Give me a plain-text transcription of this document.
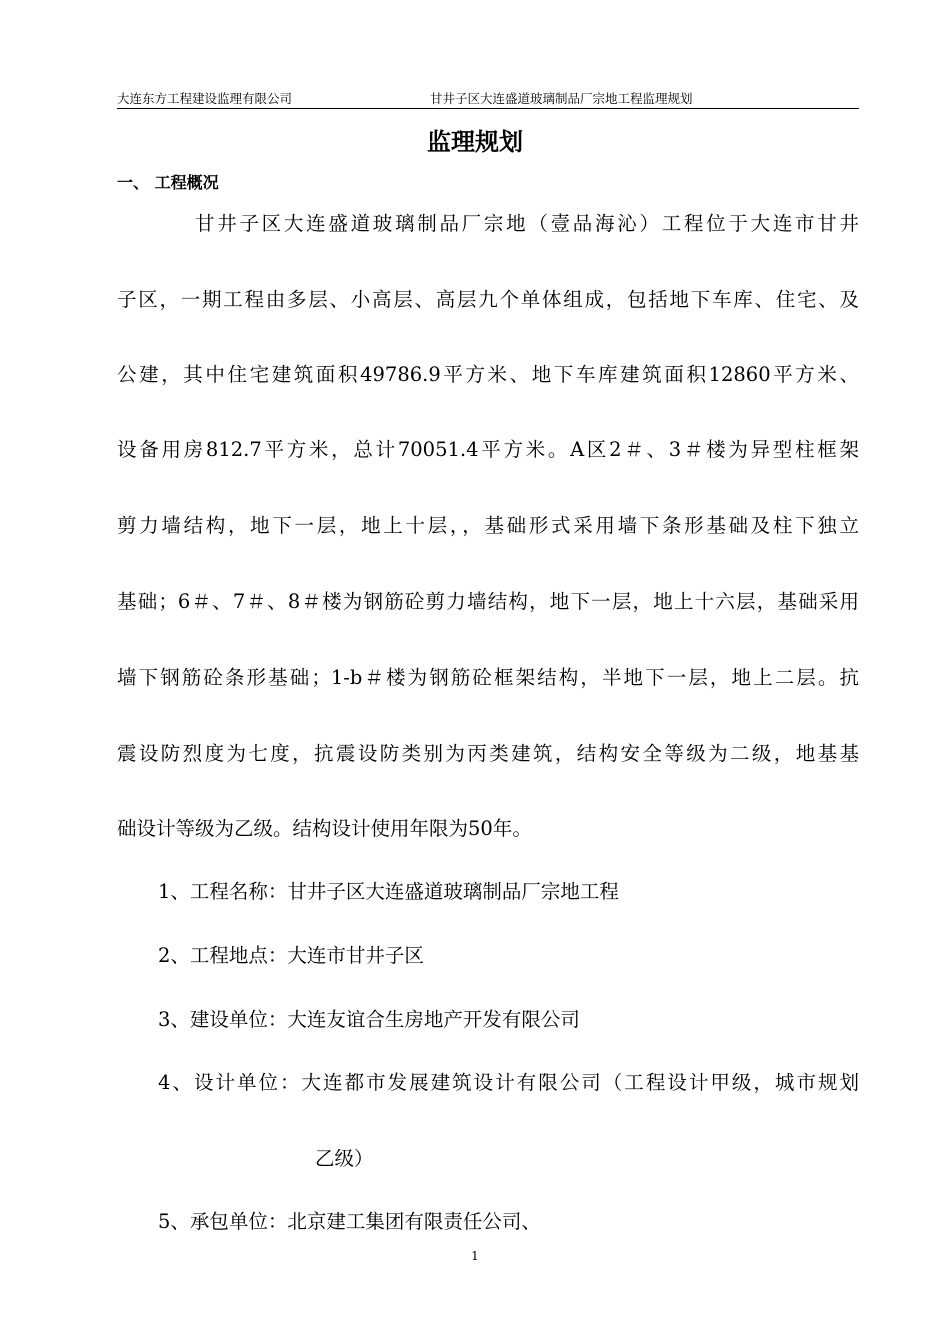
大连东方工程建设监理有限公司	甘井子区大连盛道玻璃制品厂宗地工程监理规划
监理规划
一、 工程概况
甘井子区大连盛道玻璃制品厂宗地（壹品海沁）工程位于大连市甘井
子区，一期工程由多层、小高层、高层九个单体组成，包括地下车库、住宅、及
公建，其中住宅建筑面积49786.9平方米、地下车库建筑面积12860平方米、
设备用房812.7平方米，总计70051.4平方米。A区2＃、3＃楼为异型柱框架
剪力墙结构，地下一层，地上十层，，基础形式采用墙下条形基础及柱下独立
基础；6＃、7＃、8＃楼为钢筋砼剪力墙结构，地下一层，地上十六层，基础采用
墙下钢筋砼条形基础；1-b＃楼为钢筋砼框架结构，半地下一层，地上二层。抗
震设防烈度为七度，抗震设防类别为丙类建筑，结构安全等级为二级，地基基
础设计等级为乙级。结构设计使用年限为50年。
1、工程名称：甘井子区大连盛道玻璃制品厂宗地工程
2、工程地点：大连市甘井子区
3、建设单位：大连友谊合生房地产开发有限公司
4、设计单位：大连都市发展建筑设计有限公司（工程设计甲级，城市规划
乙级）
5、承包单位：北京建工集团有限责任公司、
1
